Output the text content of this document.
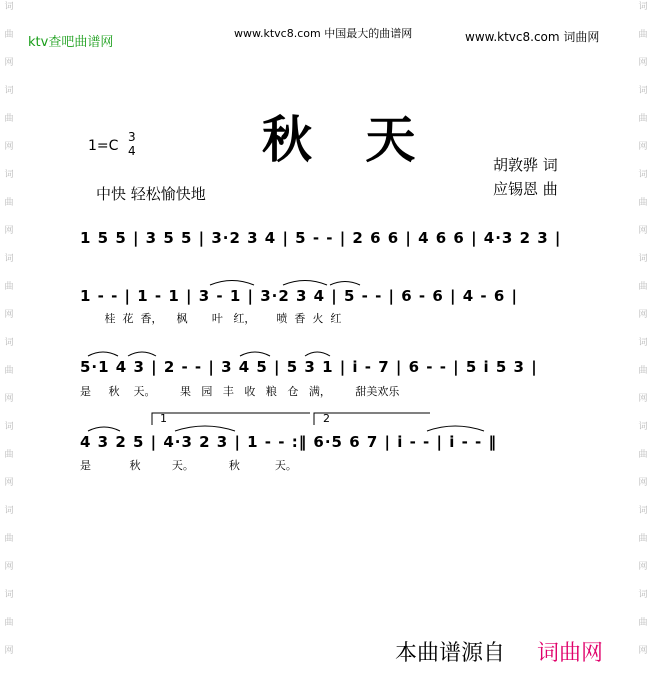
词
曲
网
词
曲
网
词
曲
网
词
曲
网
词
曲
网
词
曲
网
词
曲
网
词
曲
网
词
曲
网
词
曲
网
词
曲
网
词
曲
网
词
曲
网
词
曲
网
词
曲
网
词
曲
网
ktv查吧曲谱网
www.ktvc8.com 中国最大的曲谱网	www.ktvc8.com 词曲网
秋 天
1=C
3
4
中快 轻松愉快地
胡敦骅 词
应锡恩 曲
1 5 5 | 3 5 5 | 3·2 3 4 | 5 - - | 2 6 6 | 4 6 6 | 4·3 2 3 |
1 - - | 1 - 1 | 3 - 1 | 3·2 3 4 | 5 - - | 6 - 6 | 4 - 6 |
桂  花  香，    枫       叶   红，      喷  香  火  红
5·1 4 3 | 2 - - | 3 4 5 | 5 3 1 | i - 7 | 6 - - | 5 i 5 3 |
是     秋    天。       果   园   丰   收   粮   仓   满，       甜美欢乐
1	2
4 3 2 5 | 4·3 2 3 | 1 - - :‖ 6·5 6 7 | i - - | i - - ‖
是           秋         天。          秋          天。
本曲谱源自 词曲网
